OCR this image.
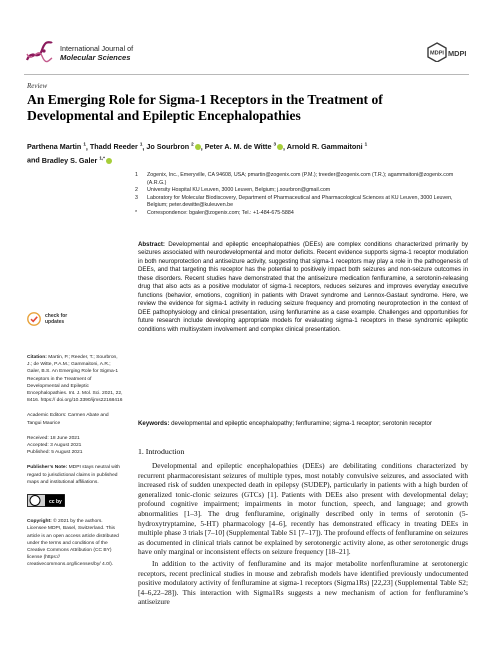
International Journal of
Molecular Sciences	MDPI MDPI
Review
An Emerging Role for Sigma-1 Receptors in the Treatment of Developmental and Epileptic Encephalopathies
Parthena Martin $^1$, Thadd Reeder $^1$, Jo Sourbron $^2$ , Peter A. M. de Witte $^3$ , Arnold R. Gammaitoni $^1$
and Bradley S. Galer $^{1,*}$
1	Zogenix, Inc., Emeryville, CA 94608, USA; pmartin@zogenix.com (P.M.); treeder@zogenix.com (T.R.); agammaitoni@zogenix.com (A.R.G.)
2	University Hospital KU Leuven, 3000 Leuven, Belgium; j.sourbron@gmail.com
3	Laboratory for Molecular Biodiscovery, Department of Pharmaceutical and Pharmacological Sciences at KU Leuven, 3000 Leuven, Belgium; peter.dewitte@kuleuven.be
*	Correspondence: bgaler@zogenix.com; Tel.: +1-484-675-5884
Abstract: Developmental and epileptic encephalopathies (DEEs) are complex conditions characterized primarily by seizures associated with neurodevelopmental and motor deficits. Recent evidence supports sigma-1 receptor modulation in both neuroprotection and antiseizure activity, suggesting that sigma-1 receptors may play a role in the pathogenesis of DEEs, and that targeting this receptor has the potential to positively impact both seizures and non-seizure outcomes in these disorders. Recent studies have demonstrated that the antiseizure medication fenfluramine, a serotonin-releasing drug that also acts as a positive modulator of sigma-1 receptors, reduces seizures and improves everyday executive functions (behavior, emotions, cognition) in patients with Dravet syndrome and Lennox-Gastaut syndrome. Here, we review the evidence for sigma-1 activity in reducing seizure frequency and promoting neuroprotection in the context of DEE pathophysiology and clinical presentation, using fenfluramine as a case example. Challenges and opportunities for future research include developing appropriate models for evaluating sigma-1 receptors in these syndromic epileptic conditions with multisystem involvement and complex clinical presentation.
Keywords: developmental and epileptic encephalopathy; fenfluramine; sigma-1 receptor; serotonin receptor
check for
updates
Citation: Martin, P.; Reeder, T.; Sourbron, J.; de Witte, P.A.M.; Gammaitoni, A.R.; Galer, B.S. An Emerging Role for Sigma-1 Receptors in the Treatment of Developmental and Epileptic Encephalopathies. Int. J. Mol. Sci. 2021, 22, 8416. https:// doi.org/10.3390/ijms22168416
Academic Editors: Carmen Abate and Tangui Maurice
Received: 18 June 2021
Accepted: 3 August 2021
Published: 5 August 2021
Publisher’s Note: MDPI stays neutral with regard to jurisdictional claims in published maps and institutional affiliations.
cc by
Copyright: © 2021 by the authors. Licensee MDPI, Basel, Switzerland. This article is an open access article distributed under the terms and conditions of the Creative Commons Attribution (CC BY) license (https:// creativecommons.org/licenses/by/ 4.0/).
1. Introduction

Developmental and epileptic encephalopathies (DEEs) are debilitating conditions characterized by recurrent pharmacoresistant seizures of multiple types, most notably convulsive seizures, and associated with increased risk of sudden unexpected death in epilepsy (SUDEP), particularly in patients with a high burden of generalized tonic-clonic seizures (GTCs) [1]. Patients with DEEs also present with developmental delay; profound cognitive impairment; impairments in motor function, speech, and language; and growth abnormalities [1–3]. The drug fenfluramine, originally described only in terms of serotonin (5-hydroxytryptamine, 5-HT) pharmacology [4–6], recently has demonstrated efficacy in treating DEEs in multiple phase 3 trials [7–10] (Supplemental Table S1 [7–17]). The profound effects of fenfluramine on seizures as documented in clinical trials cannot be explained by serotonergic activity alone, as other serotonergic drugs have only marginal or inconsistent effects on seizure frequency [18–21].

In addition to the activity of fenfluramine and its major metabolite norfenfluramine at serotonergic receptors, recent preclinical studies in mouse and zebrafish models have identified previously undocumented positive modulatory activity of fenfluramine at sigma-1 receptors (Sigma1Rs) [22,23] (Supplemental Table S2; [4–6,22–28]). This interaction with Sigma1Rs suggests a new mechanism of action for fenfluramine’s antiseizure
